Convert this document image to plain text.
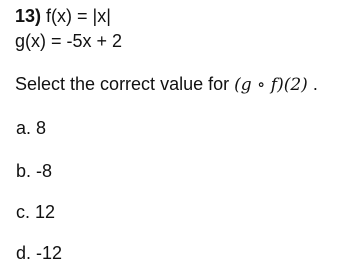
13) f(x) = |x|
g(x) = -5x + 2
Select the correct value for (g ∘ f)(2) .
a. 8
b. -8
c. 12
d. -12
